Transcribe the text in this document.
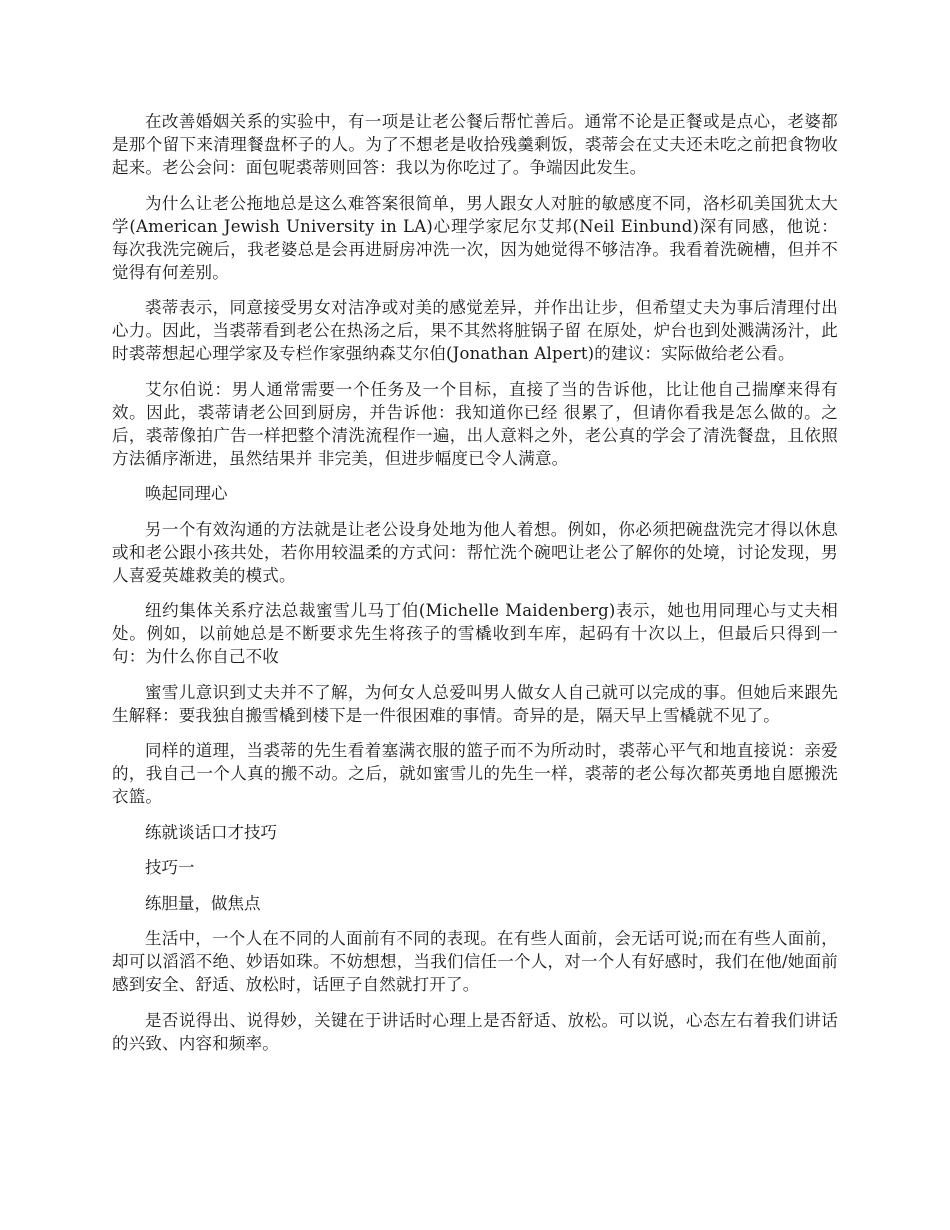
在改善婚姻关系的实验中，有一项是让老公餐后帮忙善后。通常不论是正餐或是点心，老婆都是那个留下来清理餐盘杯子的人。为了不想老是收拾残羹剩饭，裘蒂会在丈夫还未吃之前把食物收起来。老公会问：面包呢裘蒂则回答：我以为你吃过了。争端因此发生。

为什么让老公拖地总是这么难答案很简单，男人跟女人对脏的敏感度不同，洛杉矶美国犹太大学(American Jewish University in LA)心理学家尼尔艾邦(Neil Einbund)深有同感，他说：每次我洗完碗后，我老婆总是会再进厨房冲洗一次，因为她觉得不够洁净。我看着洗碗槽，但并不觉得有何差别。

裘蒂表示，同意接受男女对洁净或对美的感觉差异，并作出让步，但希望丈夫为事后清理付出心力。因此，当裘蒂看到老公在热汤之后，果不其然将脏锅子留 在原处，炉台也到处溅满汤汁，此时裘蒂想起心理学家及专栏作家强纳森艾尔伯(Jonathan Alpert)的建议：实际做给老公看。

艾尔伯说：男人通常需要一个任务及一个目标，直接了当的告诉他，比让他自己揣摩来得有效。因此，裘蒂请老公回到厨房，并告诉他：我知道你已经 很累了，但请你看我是怎么做的。之后，裘蒂像拍广告一样把整个清洗流程作一遍，出人意料之外，老公真的学会了清洗餐盘，且依照方法循序渐进，虽然结果并 非完美，但进步幅度已令人满意。

唤起同理心

另一个有效沟通的方法就是让老公设身处地为他人着想。例如，你必须把碗盘洗完才得以休息或和老公跟小孩共处，若你用较温柔的方式问：帮忙洗个碗吧让老公了解你的处境，讨论发现，男人喜爱英雄救美的模式。

纽约集体关系疗法总裁蜜雪儿马丁伯(Michelle Maidenberg)表示，她也用同理心与丈夫相处。例如，以前她总是不断要求先生将孩子的雪橇收到车库，起码有十次以上，但最后只得到一句：为什么你自己不收

蜜雪儿意识到丈夫并不了解，为何女人总爱叫男人做女人自己就可以完成的事。但她后来跟先生解释：要我独自搬雪橇到楼下是一件很困难的事情。奇异的是，隔天早上雪橇就不见了。

同样的道理，当裘蒂的先生看着塞满衣服的篮子而不为所动时，裘蒂心平气和地直接说：亲爱的，我自己一个人真的搬不动。之后，就如蜜雪儿的先生一样，裘蒂的老公每次都英勇地自愿搬洗衣篮。

练就谈话口才技巧

技巧一

练胆量，做焦点

生活中，一个人在不同的人面前有不同的表现。在有些人面前，会无话可说;而在有些人面前，却可以滔滔不绝、妙语如珠。不妨想想，当我们信任一个人，对一个人有好感时，我们在他/她面前感到安全、舒适、放松时，话匣子自然就打开了。

是否说得出、说得妙，关键在于讲话时心理上是否舒适、放松。可以说，心态左右着我们讲话的兴致、内容和频率。
